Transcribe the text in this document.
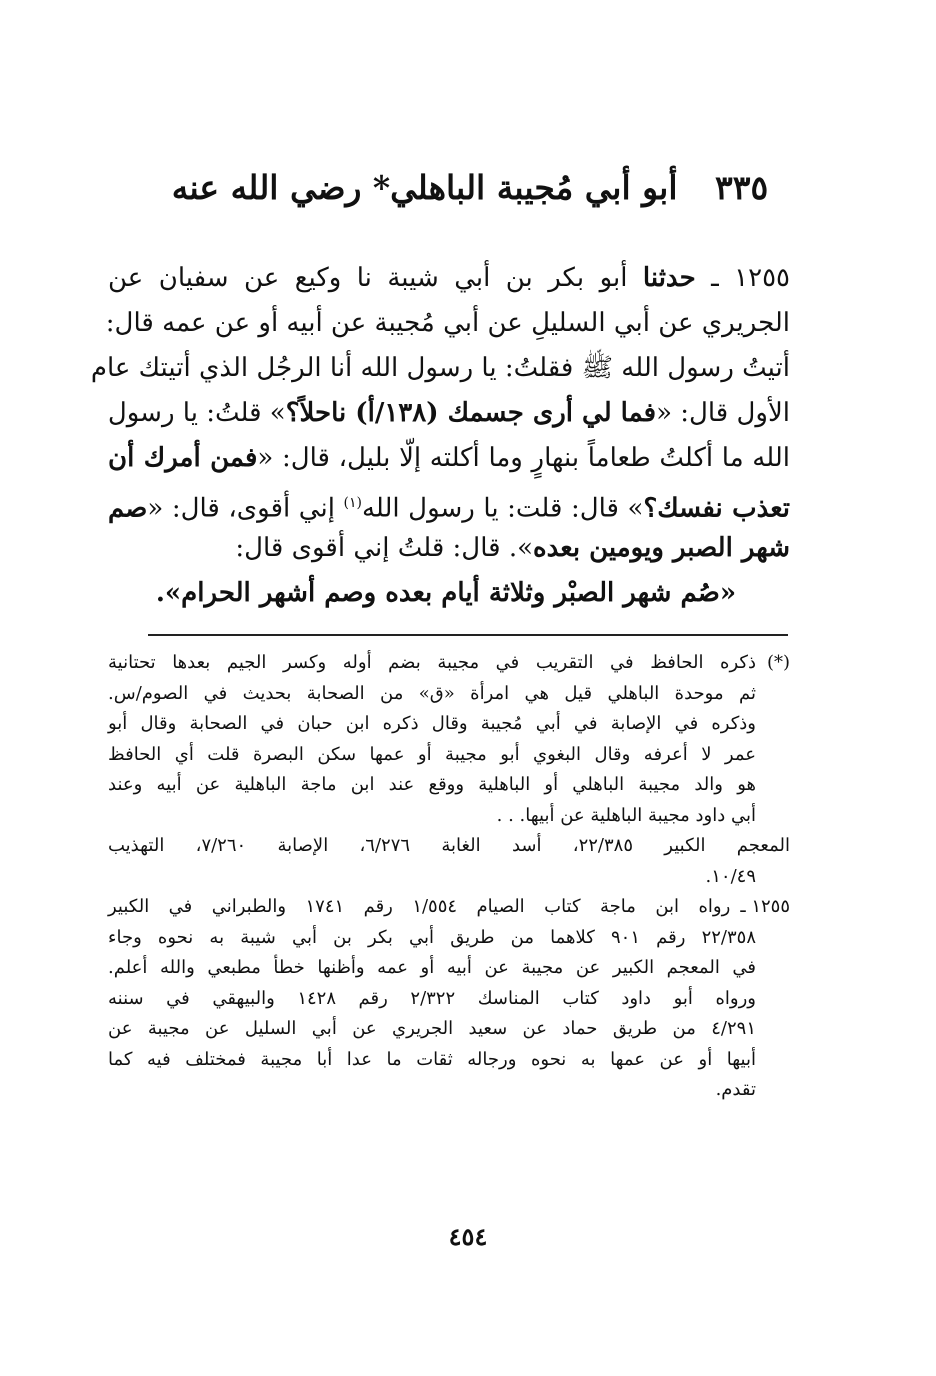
٣٣٥ أبو أبي مُجيبة الباهلي* رضي الله عنه
١٢٥٥ ـ حدثنا أبو بكر بن أبي شيبة نا وكيع عن سفيان عن
الجريري عن أبي السليلِ عن أبي مُجيبة عن أبيه أو عن عمه قال:
أتيتُ رسول الله ﷺ فقلتُ: يا رسول الله أنا الرجُل الذي أتيتك عام
الأول قال: «فما لي أرى جسمك (١٣٨/أ) ناحلاً؟» قلتُ: يا رسول
الله ما أكلتُ طعاماً بنهارٍ وما أكلته إلّا بليل، قال: «فمن أمرك أن
تعذب نفسك؟» قال: قلت: يا رسول الله$^{(١)}$ إني أقوى، قال: «صم
شهر الصبر ويومين بعده». قال: قلتُ إني أقوى قال:
«صُم شهر الصبْر وثلاثة أيام بعده وصم أشهر الحرام».
(*)ذكره الحافظ في التقريب في مجيبة بضم أوله وكسر الجيم بعدها تحتانية
ثم موحدة الباهلي قيل هي امرأة «ق» من الصحابة بحديث في الصوم/س.
وذكره في الإصابة في أبي مُجيبة وقال ذكره ابن حبان في الصحابة وقال أبو
عمر لا أعرفه وقال البغوي أبو مجيبة أو عمها سكن البصرة قلت أي الحافظ
هو والد مجيبة الباهلي أو الباهلية ووقع عند ابن ماجة الباهلية عن أبيه وعند
أبي داود مجيبة الباهلية عن أبيها. . .
المعجم الكبير ٢٢/٣٨٥، أسد الغابة ٦/٢٧٦، الإصابة ٧/٢٦٠، التهذيب
١٠/٤٩.
١٢٥٥ ـرواه ابن ماجة كتاب الصيام ١/٥٥٤ رقم ١٧٤١ والطبراني في الكبير
٢٢/٣٥٨ رقم ٩٠١ كلاهما من طريق أبي بكر بن أبي شيبة به نحوه وجاء
في المعجم الكبير عن مجيبة عن أبيه أو عمه وأظنها خطأ مطبعي والله أعلم.
ورواه أبو داود كتاب المناسك ٢/٣٢٢ رقم ١٤٢٨ والبيهقي في سننه
٤/٢٩١ من طريق حماد عن سعيد الجريري عن أبي السليل عن مجيبة عن
أبيها أو عن عمها به نحوه ورجاله ثقات ما عدا أبا مجيبة فمختلف فيه كما
تقدم.
٤٥٤
